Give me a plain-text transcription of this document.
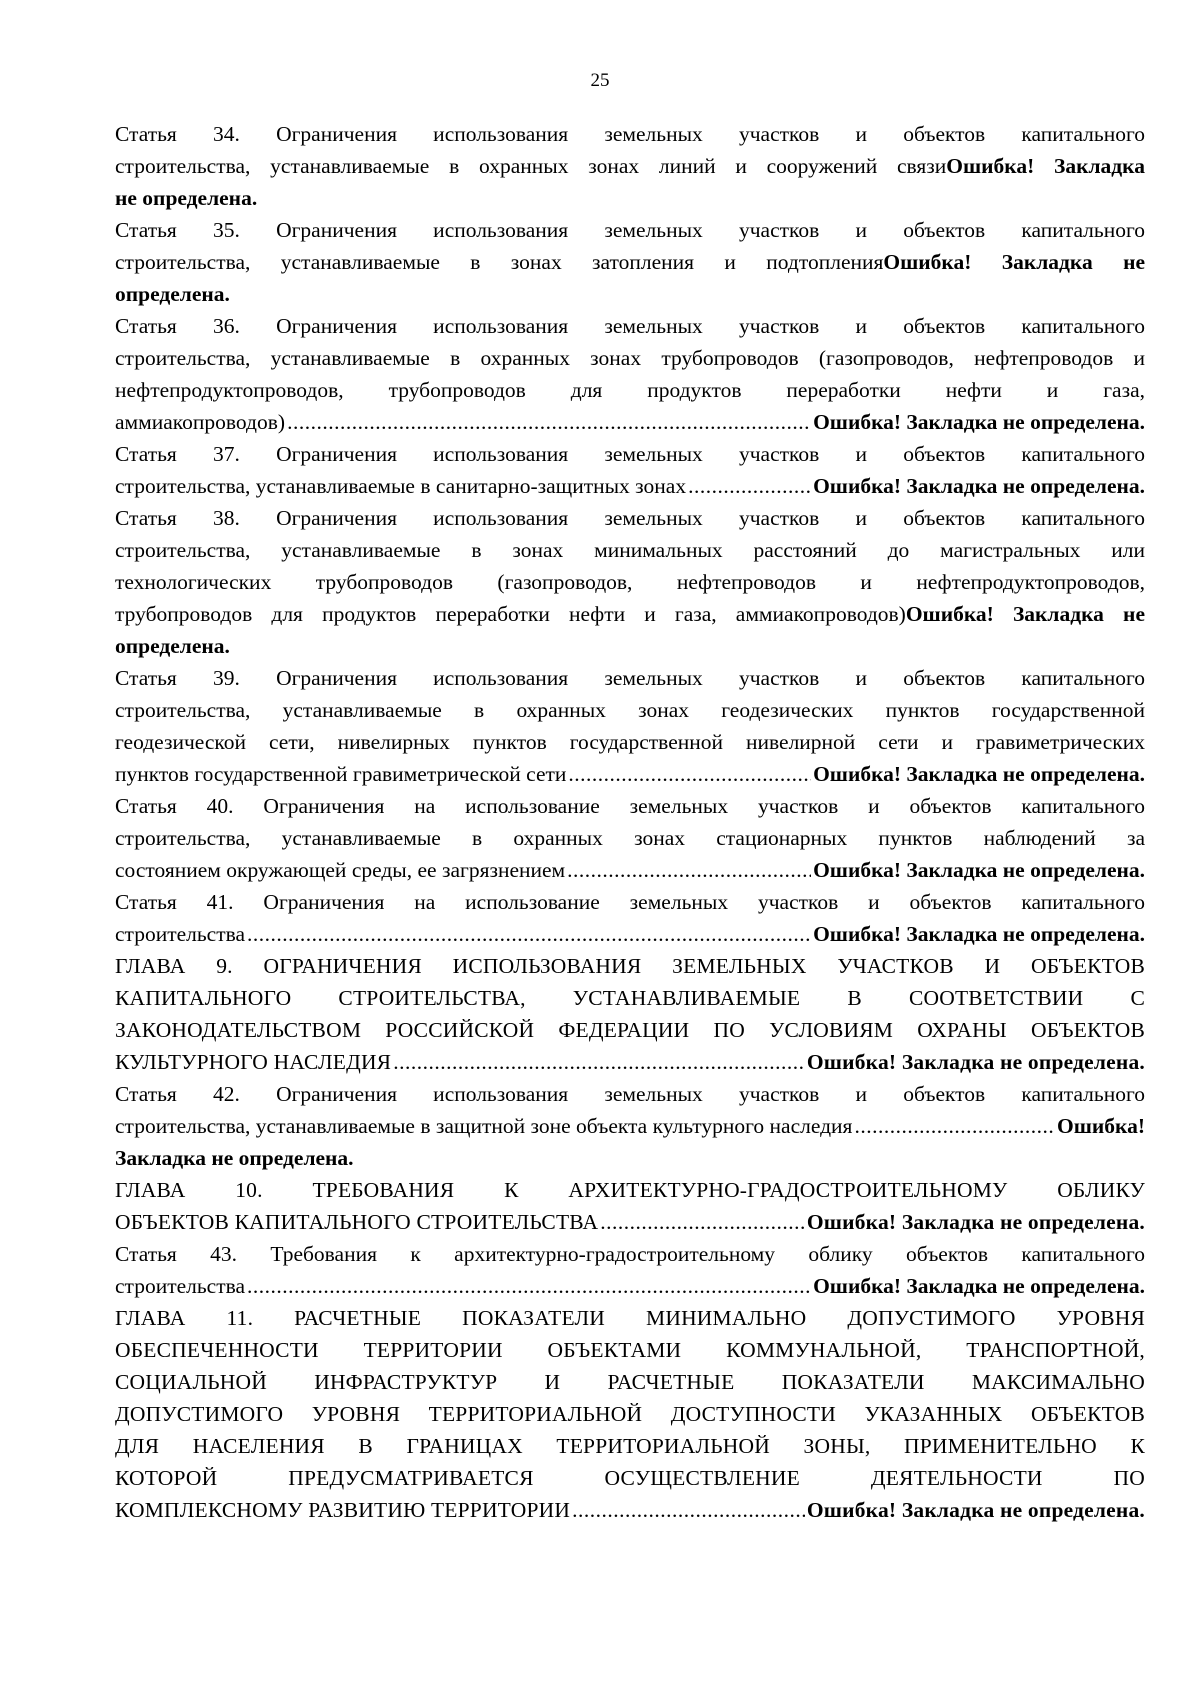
25
Статья 34. Ограничения использования земельных участков и объектов капитального
строительства, устанавливаемые в охранных зонах линий и сооружений связиОшибка! Закладка
не определена.
Статья 35. Ограничения использования земельных участков и объектов капитального
строительства, устанавливаемые в зонах затопления и подтопленияОшибка! Закладка не
определена.
Статья 36. Ограничения использования земельных участков и объектов капитального
строительства, устанавливаемые в охранных зонах трубопроводов (газопроводов, нефтепроводов и
нефтепродуктопроводов, трубопроводов для продуктов переработки нефти и газа,
аммиакопроводов) .....	Ошибка! Закладка не определена.
Статья 37. Ограничения использования земельных участков и объектов капитального
строительства, устанавливаемые в санитарно-защитных зонах .....	Ошибка! Закладка не определена.
Статья 38. Ограничения использования земельных участков и объектов капитального
строительства, устанавливаемые в зонах минимальных расстояний до магистральных или
технологических трубопроводов (газопроводов, нефтепроводов и нефтепродуктопроводов,
трубопроводов для продуктов переработки нефти и газа, аммиакопроводов)Ошибка! Закладка не
определена.
Статья 39. Ограничения использования земельных участков и объектов капитального
строительства, устанавливаемые в охранных зонах геодезических пунктов государственной
геодезической сети, нивелирных пунктов государственной нивелирной сети и гравиметрических
пунктов государственной гравиметрической сети .....	Ошибка! Закладка не определена.
Статья 40. Ограничения на использование земельных участков и объектов капитального
строительства, устанавливаемые в охранных зонах стационарных пунктов наблюдений за
состоянием окружающей среды, ее загрязнением .....	Ошибка! Закладка не определена.
Статья 41. Ограничения на использование земельных участков и объектов капитального
строительства .....	Ошибка! Закладка не определена.
ГЛАВА 9. ОГРАНИЧЕНИЯ ИСПОЛЬЗОВАНИЯ ЗЕМЕЛЬНЫХ УЧАСТКОВ И ОБЪЕКТОВ
КАПИТАЛЬНОГО СТРОИТЕЛЬСТВА, УСТАНАВЛИВАЕМЫЕ В СООТВЕТСТВИИ С
ЗАКОНОДАТЕЛЬСТВОМ РОССИЙСКОЙ ФЕДЕРАЦИИ ПО УСЛОВИЯМ ОХРАНЫ ОБЪЕКТОВ
КУЛЬТУРНОГО НАСЛЕДИЯ .....	Ошибка! Закладка не определена.
Статья 42. Ограничения использования земельных участков и объектов капитального
строительства, устанавливаемые в защитной зоне объекта культурного наследия .....	Ошибка!
Закладка не определена.
ГЛАВА 10. ТРЕБОВАНИЯ К АРХИТЕКТУРНО-ГРАДОСТРОИТЕЛЬНОМУ ОБЛИКУ
ОБЪЕКТОВ КАПИТАЛЬНОГО СТРОИТЕЛЬСТВА .....	Ошибка! Закладка не определена.
Статья 43. Требования к архитектурно-градостроительному облику объектов капитального
строительства .....	Ошибка! Закладка не определена.
ГЛАВА 11. РАСЧЕТНЫЕ ПОКАЗАТЕЛИ МИНИМАЛЬНО ДОПУСТИМОГО УРОВНЯ
ОБЕСПЕЧЕННОСТИ ТЕРРИТОРИИ ОБЪЕКТАМИ КОММУНАЛЬНОЙ, ТРАНСПОРТНОЙ,
СОЦИАЛЬНОЙ ИНФРАСТРУКТУР И РАСЧЕТНЫЕ ПОКАЗАТЕЛИ МАКСИМАЛЬНО
ДОПУСТИМОГО УРОВНЯ ТЕРРИТОРИАЛЬНОЙ ДОСТУПНОСТИ УКАЗАННЫХ ОБЪЕКТОВ
ДЛЯ НАСЕЛЕНИЯ В ГРАНИЦАХ ТЕРРИТОРИАЛЬНОЙ ЗОНЫ, ПРИМЕНИТЕЛЬНО К
КОТОРОЙ ПРЕДУСМАТРИВАЕТСЯ ОСУЩЕСТВЛЕНИЕ ДЕЯТЕЛЬНОСТИ ПО
КОМПЛЕКСНОМУ РАЗВИТИЮ ТЕРРИТОРИИ .....	Ошибка! Закладка не определена.
